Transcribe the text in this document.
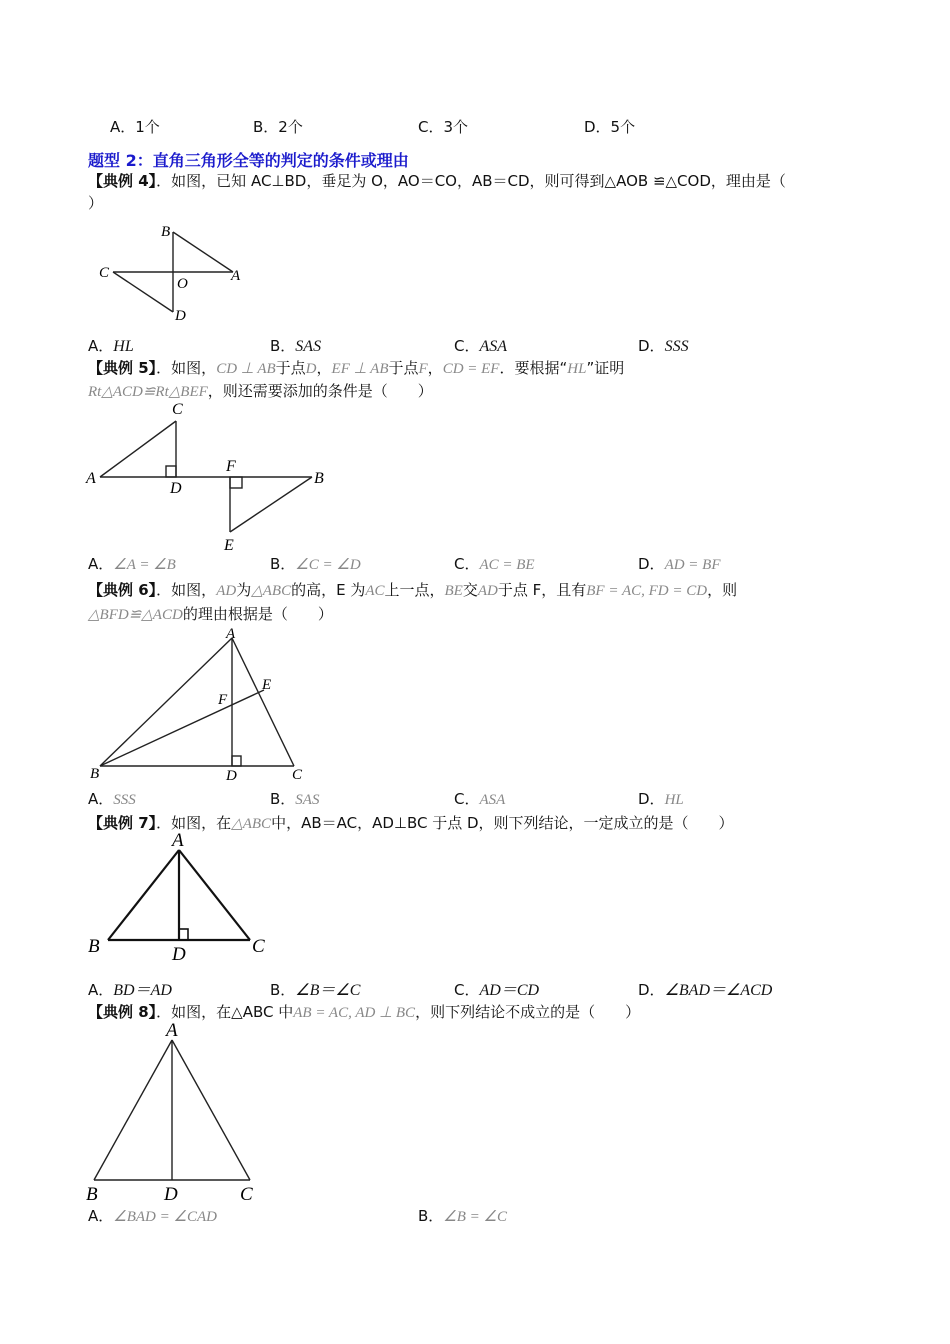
A．1个	B．2个	C．3个	D．5个
题型 2：直角三角形全等的判定的条件或理由
【典例 4】．如图，已知 AC⊥BD，垂足为 O，AO＝CO，AB＝CD，则可得到△AOB ≌△COD，理由是（
）
B
C
O	A
D
A．HL	B．SAS	C．ASA	D．SSS
【典例 5】．如图，CD ⊥ AB于点D，EF ⊥ AB于点F，CD = EF．要根据“HL”证明
Rt△ACD≌Rt△BEF，则还需要添加的条件是（　　）
C
A
D
F
B
E
A．∠A = ∠B	B．∠C = ∠D	C．AC = BE	D．AD = BF
【典例 6】．如图，AD为△ABC的高，E 为AC上一点，BE交AD于点 F，且有BF = AC, FD = CD，则
△BFD≌△ACD的理由根据是（　　）
A
E
F
B	D	C
A．SSS	B．SAS	C．ASA	D．HL
【典例 7】．如图，在△ABC中，AB＝AC，AD⊥BC 于点 D，则下列结论，一定成立的是（　　）
A
B	D	C
A．BD＝AD	B．∠B＝∠C	C．AD＝CD	D．∠BAD＝∠ACD
【典例 8】．如图，在△ABC 中AB = AC, AD ⊥ BC，则下列结论不成立的是（　　）
A
B	D	C
A．∠BAD = ∠CAD	B．∠B = ∠C
